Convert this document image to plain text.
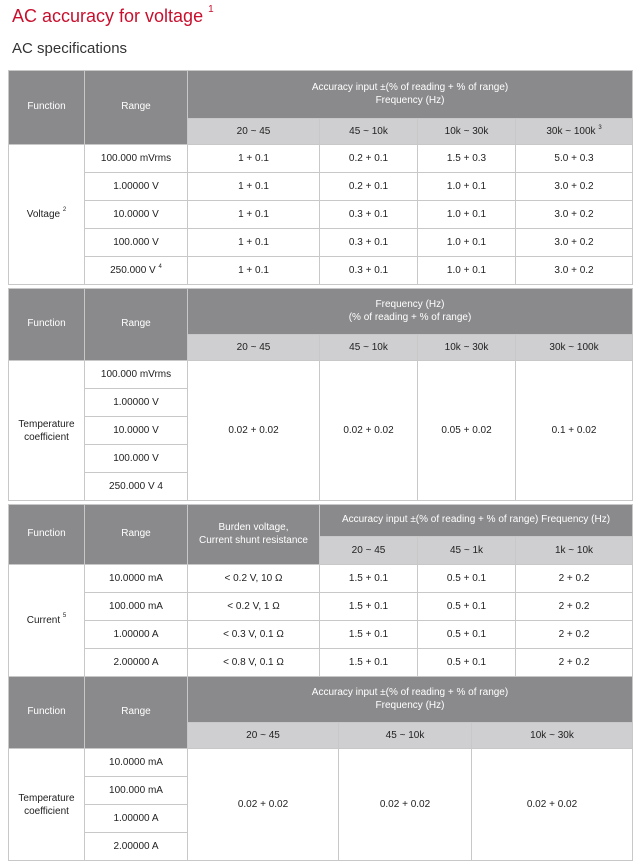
AC accuracy for voltage $^1$
AC specifications
Function	Range	Accuracy input ±(% of reading + % of range)
Frequency (Hz)			
		20 ~ 45	45 ~ 10k	10k ~ 30k	30k ~ 100k $^3$
Voltage $^2$	100.000 mVrms	1 + 0.1	0.2 + 0.1	1.5 + 0.3	5.0 + 0.3
	1.00000 V	1 + 0.1	0.2 + 0.1	1.0 + 0.1	3.0 + 0.2
	10.0000 V	1 + 0.1	0.3 + 0.1	1.0 + 0.1	3.0 + 0.2
	100.000 V	1 + 0.1	0.3 + 0.1	1.0 + 0.1	3.0 + 0.2
	250.000 V $^4$	1 + 0.1	0.3 + 0.1	1.0 + 0.1	3.0 + 0.2
Function	Range	Frequency (Hz)
(% of reading + % of range)			
		20 ~ 45	45 ~ 10k	10k ~ 30k	30k ~ 100k
Temperature
coefficient	100.000 mVrms	0.02 + 0.02	0.02 + 0.02	0.05 + 0.02	0.1 + 0.02
	1.00000 V				
	10.0000 V				
	100.000 V				
	250.000 V 4				
Function	Range	Burden voltage,
Current shunt resistance	Accuracy input ±(% of reading + % of range) Frequency (Hz)		
			20 ~ 45	45 ~ 1k	1k ~ 10k
Current $^5$	10.0000 mA	< 0.2 V, 10 Ω	1.5 + 0.1	0.5 + 0.1	2 + 0.2
	100.000 mA	< 0.2 V, 1 Ω	1.5 + 0.1	0.5 + 0.1	2 + 0.2
	1.00000 A	< 0.3 V, 0.1 Ω	1.5 + 0.1	0.5 + 0.1	2 + 0.2
	2.00000 A	< 0.8 V, 0.1 Ω	1.5 + 0.1	0.5 + 0.1	2 + 0.2
Function	Range	Accuracy input ±(% of reading + % of range)
Frequency (Hz)		
		20 ~ 45	45 ~ 10k	10k ~ 30k
Temperature
coefficient	10.0000 mA	0.02 + 0.02	0.02 + 0.02	0.02 + 0.02
	100.000 mA			
	1.00000 A			
	2.00000 A			
